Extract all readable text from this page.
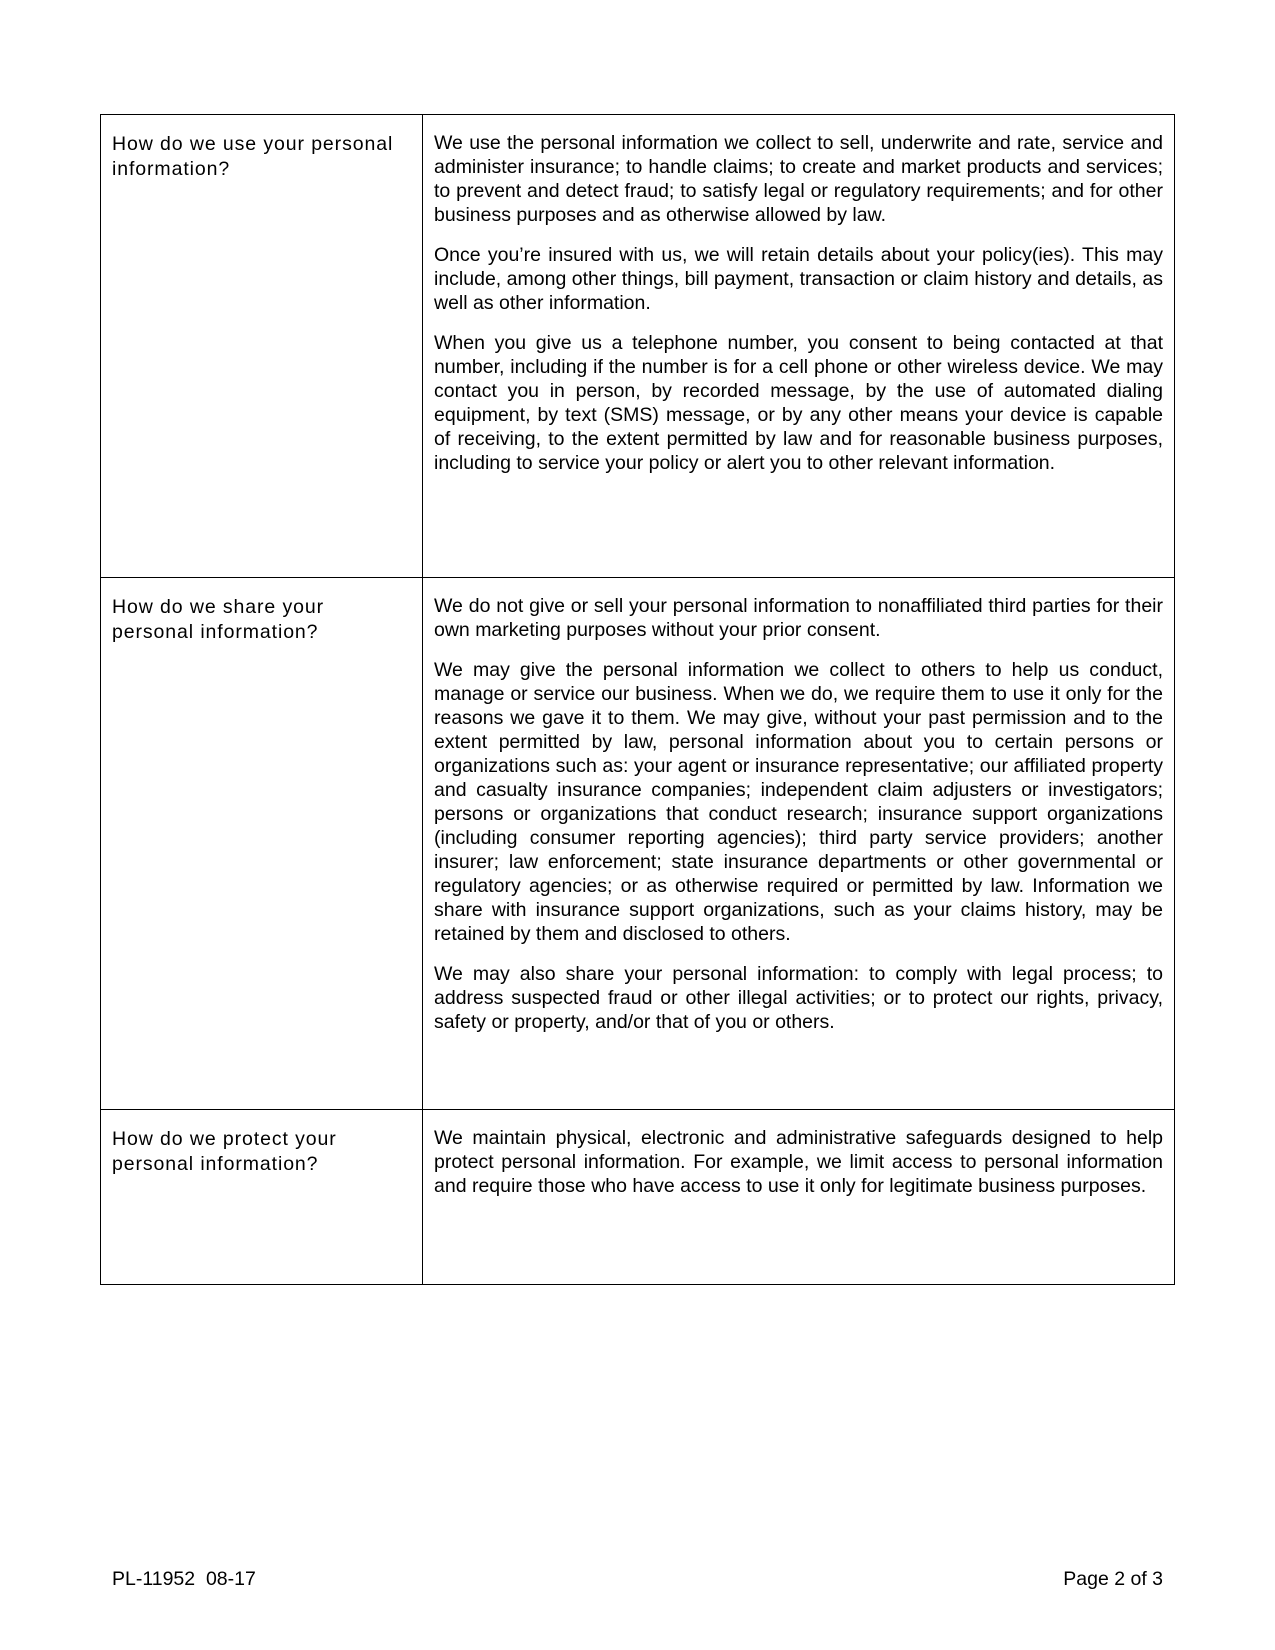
How do we use your personal information?	We use the personal information we collect to sell, underwrite and rate, service and administer insurance; to handle claims; to create and market products and services; to prevent and detect fraud; to satisfy legal or regulatory requirements; and for other business purposes and as otherwise allowed by law.

Once you’re insured with us, we will retain details about your policy(ies). This may include, among other things, bill payment, transaction or claim history and details, as well as other information.

When you give us a telephone number, you consent to being contacted at that number, including if the number is for a cell phone or other wireless device. We may contact you in person, by recorded message, by the use of automated dialing equipment, by text (SMS) message, or by any other means your device is capable of receiving, to the extent permitted by law and for reasonable business purposes, including to service your policy or alert you to other relevant information.

How do we share your personal information?	We do not give or sell your personal information to nonaffiliated third parties for their own marketing purposes without your prior consent.

We may give the personal information we collect to others to help us conduct, manage or service our business. When we do, we require them to use it only for the reasons we gave it to them. We may give, without your past permission and to the extent permitted by law, personal information about you to certain persons or organizations such as: your agent or insurance representative; our affiliated property and casualty insurance companies; independent claim adjusters or investigators; persons or organizations that conduct research; insurance support organizations (including consumer reporting agencies); third party service providers; another insurer; law enforcement; state insurance departments or other governmental or regulatory agencies; or as otherwise required or permitted by law. Information we share with insurance support organizations, such as your claims history, may be retained by them and disclosed to others.

We may also share your personal information: to comply with legal process; to address suspected fraud or other illegal activities; or to protect our rights, privacy, safety or property, and/or that of you or others.

How do we protect your personal information?	We maintain physical, electronic and administrative safeguards designed to help protect personal information. For example, we limit access to personal information and require those who have access to use it only for legitimate business purposes.

PL-11952  08-17	Page 2 of 3
